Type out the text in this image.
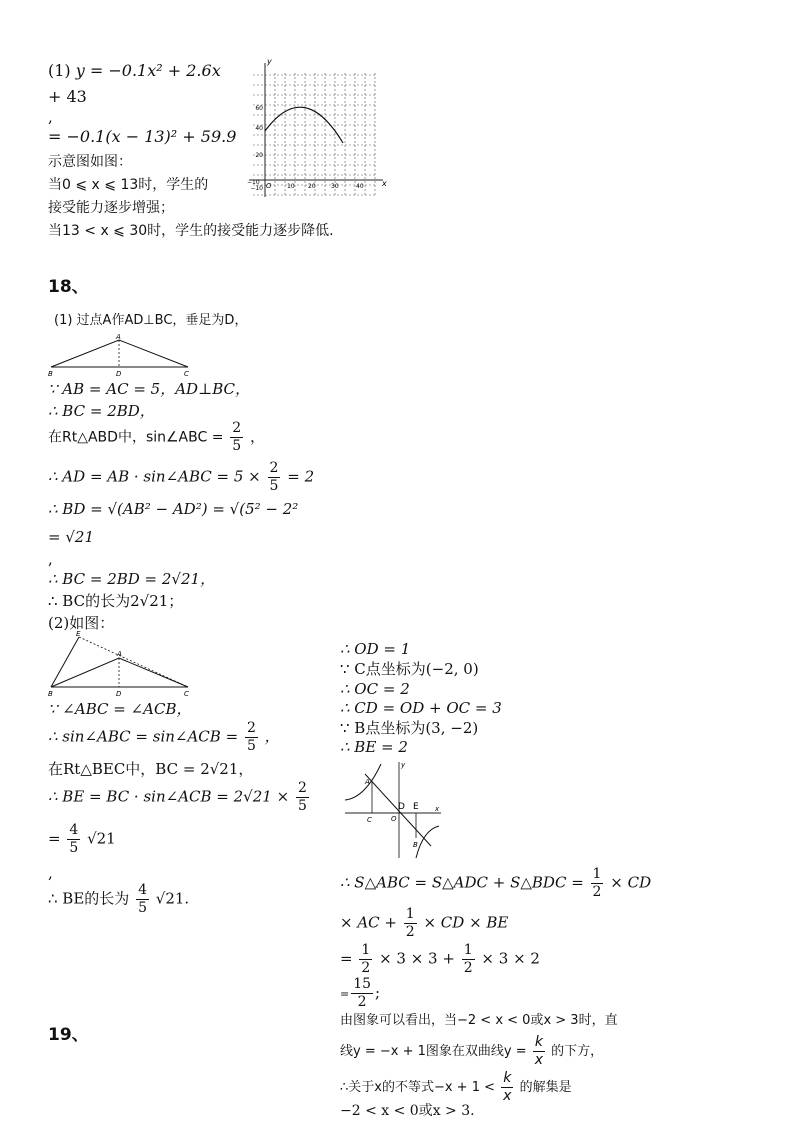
(1) y = −0.1x² + 2.6x
+ 43
,
= −0.1(x − 13)² + 59.9
示意图如图：
当0 ⩽ x ⩽ 13时，学生的
接受能力逐步增强；
当13 < x ⩽ 30时，学生的接受能力逐步降低.
y
x
O
60
40
20
−10
−10
10 20	30	40
18、
(1) 过点A作AD⊥BC，垂足为D，
A
B	D	C
∵ AB = AC = 5，AD⊥BC，
∴ BC = 2BD，
在Rt△ABD中，sin∠ABC = $\frac{2}{5}$ ，
∴ AD = AB · sin∠ABC = $5 \times \frac{2}{5} = 2$
∴ BD = √(AB² − AD²) = √(5² − 2²
= √21
,
∴ BC = 2BD = 2√21，
∴ BC的长为2√21；
(2)如图：
E
A
B	D	C
∵ ∠ABC = ∠ACB，
∴ sin∠ABC = sin∠ACB = $\frac{2}{5}$ ，
在Rt△BEC中，BC = 2√21，
∴ BE = BC · sin∠ACB = $2√21 \times \frac{2}{5}$
= $\frac{4}{5} √21$
,
∴ BE的长为 $\frac{4}{5} √21$.
19、
∴ OD = 1
∵ C点坐标为(−2, 0)
∴ OC = 2
∴ CD = OD + OC = 3
∵ B点坐标为(3, −2)
∴ BE = 2
y
x
A
C	O
D E
B
∴ S△ABC = S△ADC + S△BDC = $\frac{1}{2}$ × CD
× AC + $\frac{1}{2}$ × CD × BE
= $\frac{1}{2} \times 3 \times 3 + \frac{1}{2} \times 3 \times 2$
= $\frac{15}{2}$ ;
由图象可以看出，当−2 < x < 0或x > 3时，直
线y = −x + 1图象在双曲线$y = \frac{k}{x}$ 的下方，
∴关于x的不等式$-x + 1 < \frac{k}{x}$ 的解集是
−2 < x < 0或x > 3.
